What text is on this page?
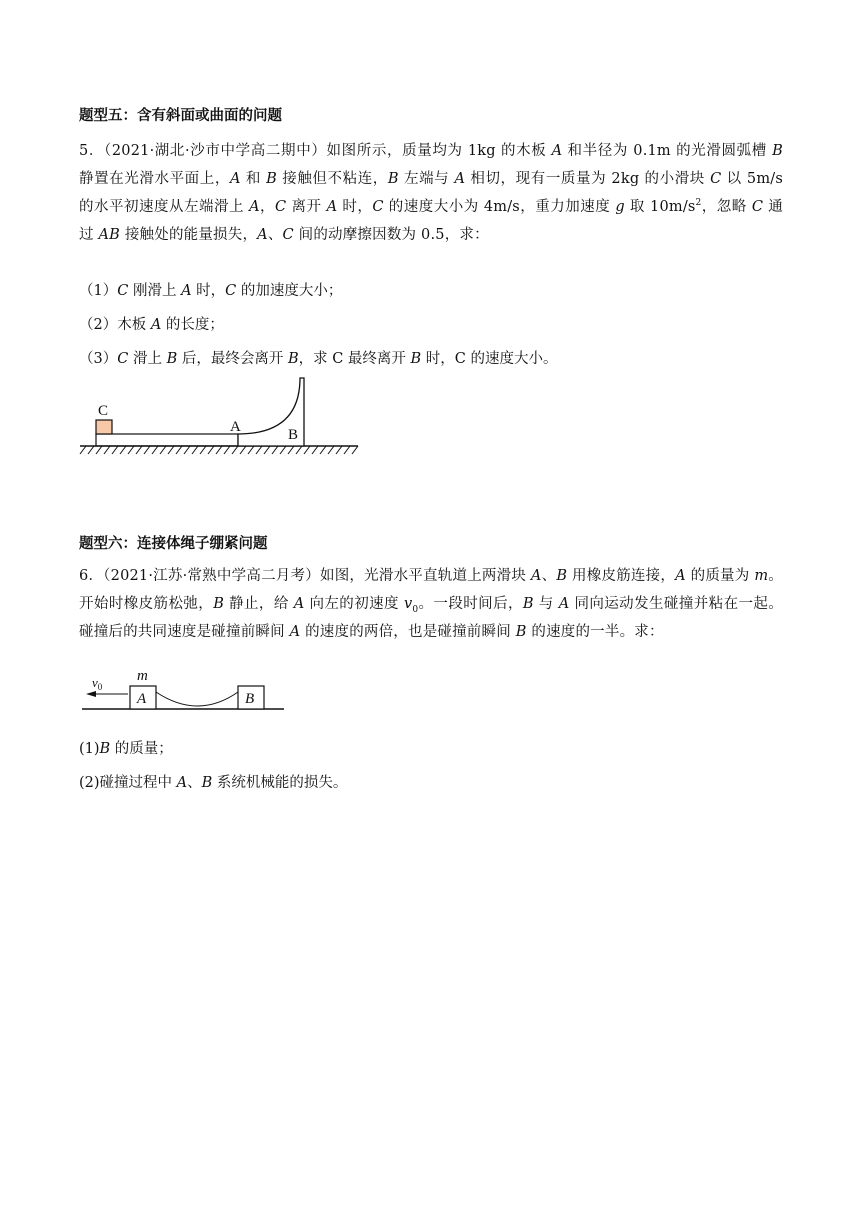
题型五：含有斜面或曲面的问题
5．（2021·湖北·沙市中学高二期中）如图所示，质量均为 1kg 的木板 A 和半径为 0.1m 的光滑圆弧槽 B 静置在光滑水平面上，A 和 B 接触但不粘连，B 左端与 A 相切，现有一质量为 2kg 的小滑块 C 以 5m/s 的水平初速度从左端滑上 A，C 离开 A 时，C 的速度大小为 4m/s，重力加速度 g 取 $10m/s^2$，忽略 C 通过 AB 接触处的能量损失，A、C 间的动摩擦因数为 0.5，求：
（1）C 刚滑上 A 时，C 的加速度大小；
（2）木板 A 的长度；
（3）C 滑上 B 后，最终会离开 B，求 C 最终离开 B 时，C 的速度大小。
C
A	B
题型六：连接体绳子绷紧问题
6．（2021·江苏·常熟中学高二月考）如图，光滑水平直轨道上两滑块 A、B 用橡皮筋连接，A 的质量为 m。开始时橡皮筋松弛，B 静止，给 A 向左的初速度 $v_0$。一段时间后，B 与 A 同向运动发生碰撞并粘在一起。碰撞后的共同速度是碰撞前瞬间 A 的速度的两倍，也是碰撞前瞬间 B 的速度的一半。求：
$v_0$
m
A	B
(1)B 的质量；
(2)碰撞过程中 A、B 系统机械能的损失。
